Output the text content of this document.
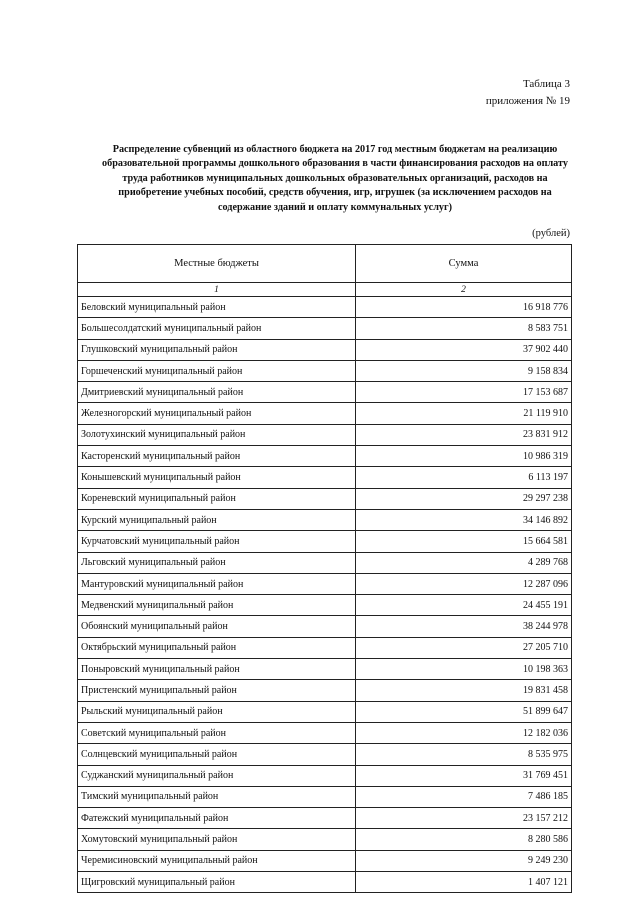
Таблица 3
приложения № 19
Распределение субвенций из областного бюджета на 2017 год местным бюджетам на реализацию образовательной программы дошкольного образования в части финансирования расходов на оплату труда работников муниципальных дошкольных образовательных организаций, расходов на приобретение учебных пособий, средств обучения, игр, игрушек (за исключением расходов на содержание зданий и оплату коммунальных услуг)
(рублей)
Местные бюджеты	Сумма
1	2
Беловский муниципальный район	16 918 776
Большесолдатский муниципальный район	8 583 751
Глушковский муниципальный район	37 902 440
Горшеченский муниципальный район	9 158 834
Дмитриевский муниципальный район	17 153 687
Железногорский муниципальный район	21 119 910
Золотухинский муниципальный район	23 831 912
Касторенский муниципальный район	10 986 319
Конышевский муниципальный район	6 113 197
Кореневский муниципальный район	29 297 238
Курский муниципальный район	34 146 892
Курчатовский муниципальный район	15 664 581
Льговский муниципальный район	4 289 768
Мантуровский муниципальный район	12 287 096
Медвенский муниципальный район	24 455 191
Обоянский муниципальный район	38 244 978
Октябрьский муниципальный район	27 205 710
Поныровский муниципальный район	10 198 363
Пристенский муниципальный район	19 831 458
Рыльский муниципальный район	51 899 647
Советский муниципальный район	12 182 036
Солнцевский муниципальный район	8 535 975
Суджанский муниципальный район	31 769 451
Тимский муниципальный район	7 486 185
Фатежский муниципальный район	23 157 212
Хомутовский муниципальный район	8 280 586
Черемисиновский муниципальный район	9 249 230
Щигровский муниципальный район	1 407 121
